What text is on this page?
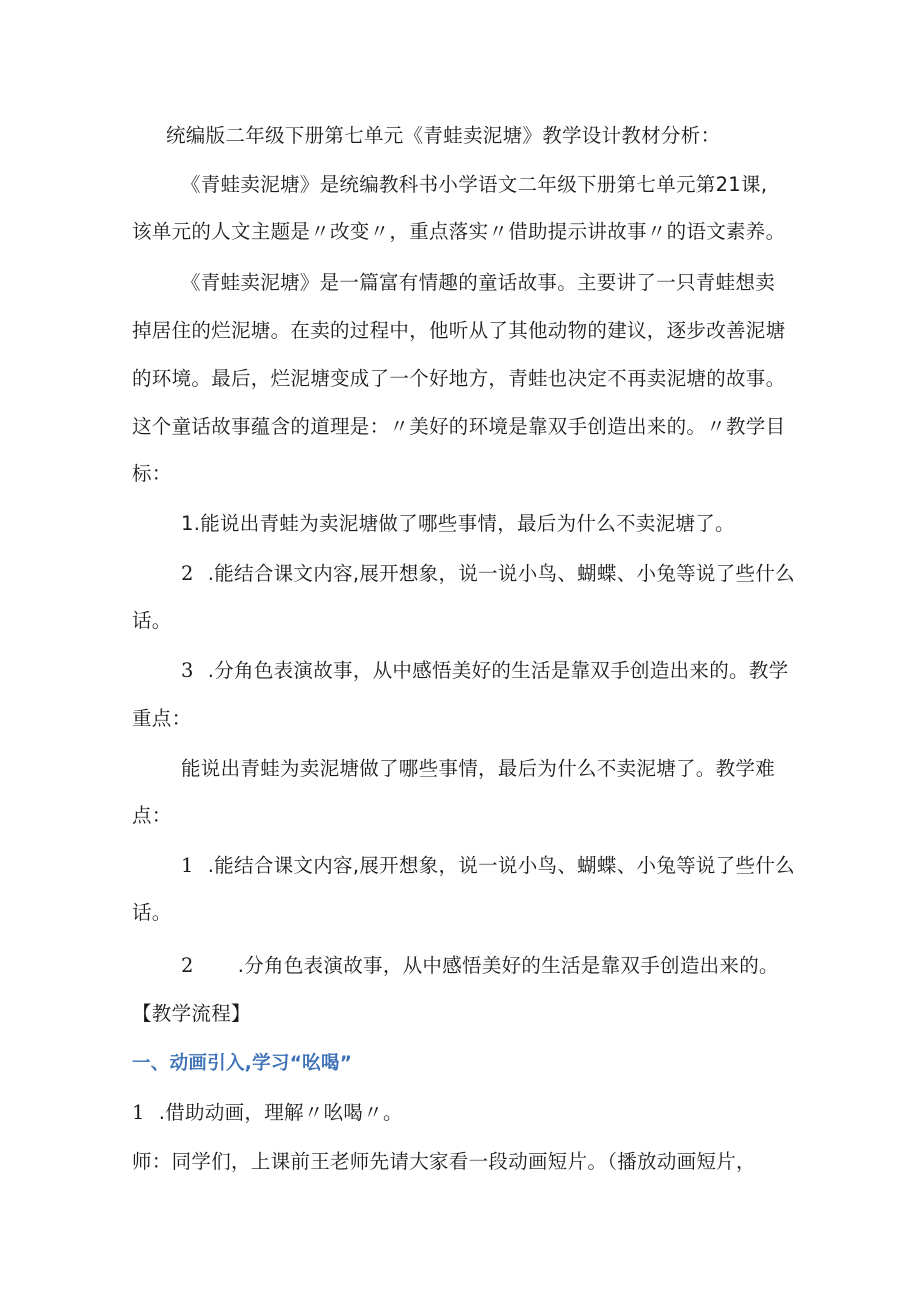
统编版二年级下册第七单元《青蛙卖泥塘》教学设计教材分析：
《青蛙卖泥塘》是统编教科书小学语文二年级下册第七单元第21课,
该单元的人文主题是〃改变〃，重点落实〃借助提示讲故事〃的语文素养。
《青蛙卖泥塘》是一篇富有情趣的童话故事。主要讲了一只青蛙想卖
掉居住的烂泥塘。在卖的过程中，他听从了其他动物的建议，逐步改善泥塘
的环境。最后，烂泥塘变成了一个好地方，青蛙也决定不再卖泥塘的故事。
这个童话故事蕴含的道理是：〃美好的环境是靠双手创造出来的。〃教学目
标：
1.能说出青蛙为卖泥塘做了哪些事情，最后为什么不卖泥塘了。
2 .能结合课文内容,展开想象，说一说小鸟、蝴蝶、小兔等说了些什么
话。
3 .分角色表演故事，从中感悟美好的生活是靠双手创造出来的。教学
重点：
能说出青蛙为卖泥塘做了哪些事情，最后为什么不卖泥塘了。教学难
点：
1 .能结合课文内容,展开想象，说一说小鸟、蝴蝶、小兔等说了些什么
话。
2 .分角色表演故事，从中感悟美好的生活是靠双手创造出来的。
【教学流程】
一、动画引入,学习“吆喝”
1 .借助动画，理解〃吆喝〃。
师：同学们，上课前王老师先请大家看一段动画短片。（播放动画短片，
